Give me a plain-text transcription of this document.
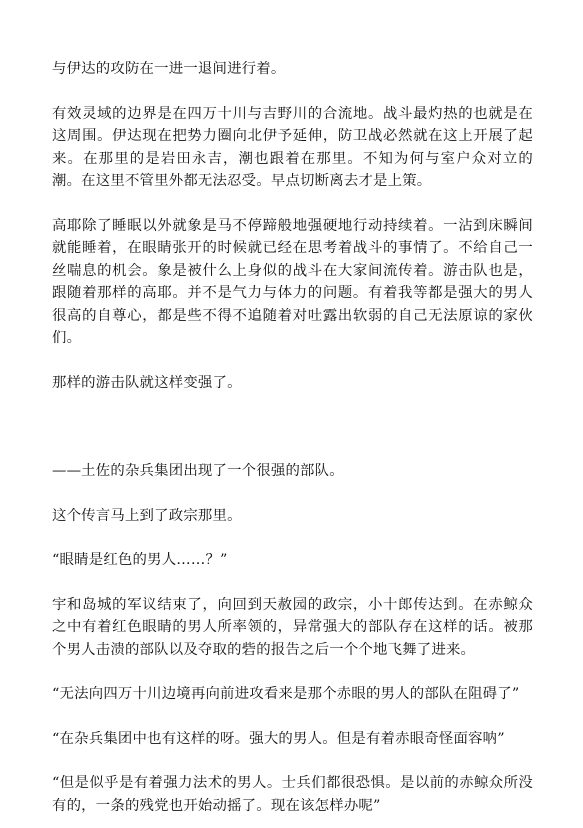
与伊达的攻防在一进一退间进行着。

有效灵域的边界是在四万十川与吉野川的合流地。战斗最灼热的也就是在这周围。伊达现在把势力圈向北伊予延伸，防卫战必然就在这上开展了起来。在那里的是岩田永吉，潮也跟着在那里。不知为何与室户众对立的潮。在这里不管里外都无法忍受。早点切断离去才是上策。

高耶除了睡眠以外就象是马不停蹄般地强硬地行动持续着。一沾到床瞬间就能睡着，在眼睛张开的时候就已经在思考着战斗的事情了。不给自己一丝喘息的机会。象是被什么上身似的战斗在大家间流传着。游击队也是，跟随着那样的高耶。并不是气力与体力的问题。有着我等都是强大的男人很高的自尊心，都是些不得不追随着对吐露出软弱的自己无法原谅的家伙们。

那样的游击队就这样变强了。

——土佐的杂兵集团出现了一个很强的部队。

这个传言马上到了政宗那里。

“眼睛是红色的男人……？”

宇和岛城的军议结束了，向回到天赦园的政宗，小十郎传达到。在赤鲸众之中有着红色眼睛的男人所率领的，异常强大的部队存在这样的话。被那个男人击溃的部队以及夺取的砦的报告之后一个个地飞舞了进来。

“无法向四万十川边境再向前进攻看来是那个赤眼的男人的部队在阻碍了”

“在杂兵集团中也有这样的呀。强大的男人。但是有着赤眼奇怪面容呐”

“但是似乎是有着强力法术的男人。士兵们都很恐惧。是以前的赤鲸众所没有的，一条的残党也开始动摇了。现在该怎样办呢”
